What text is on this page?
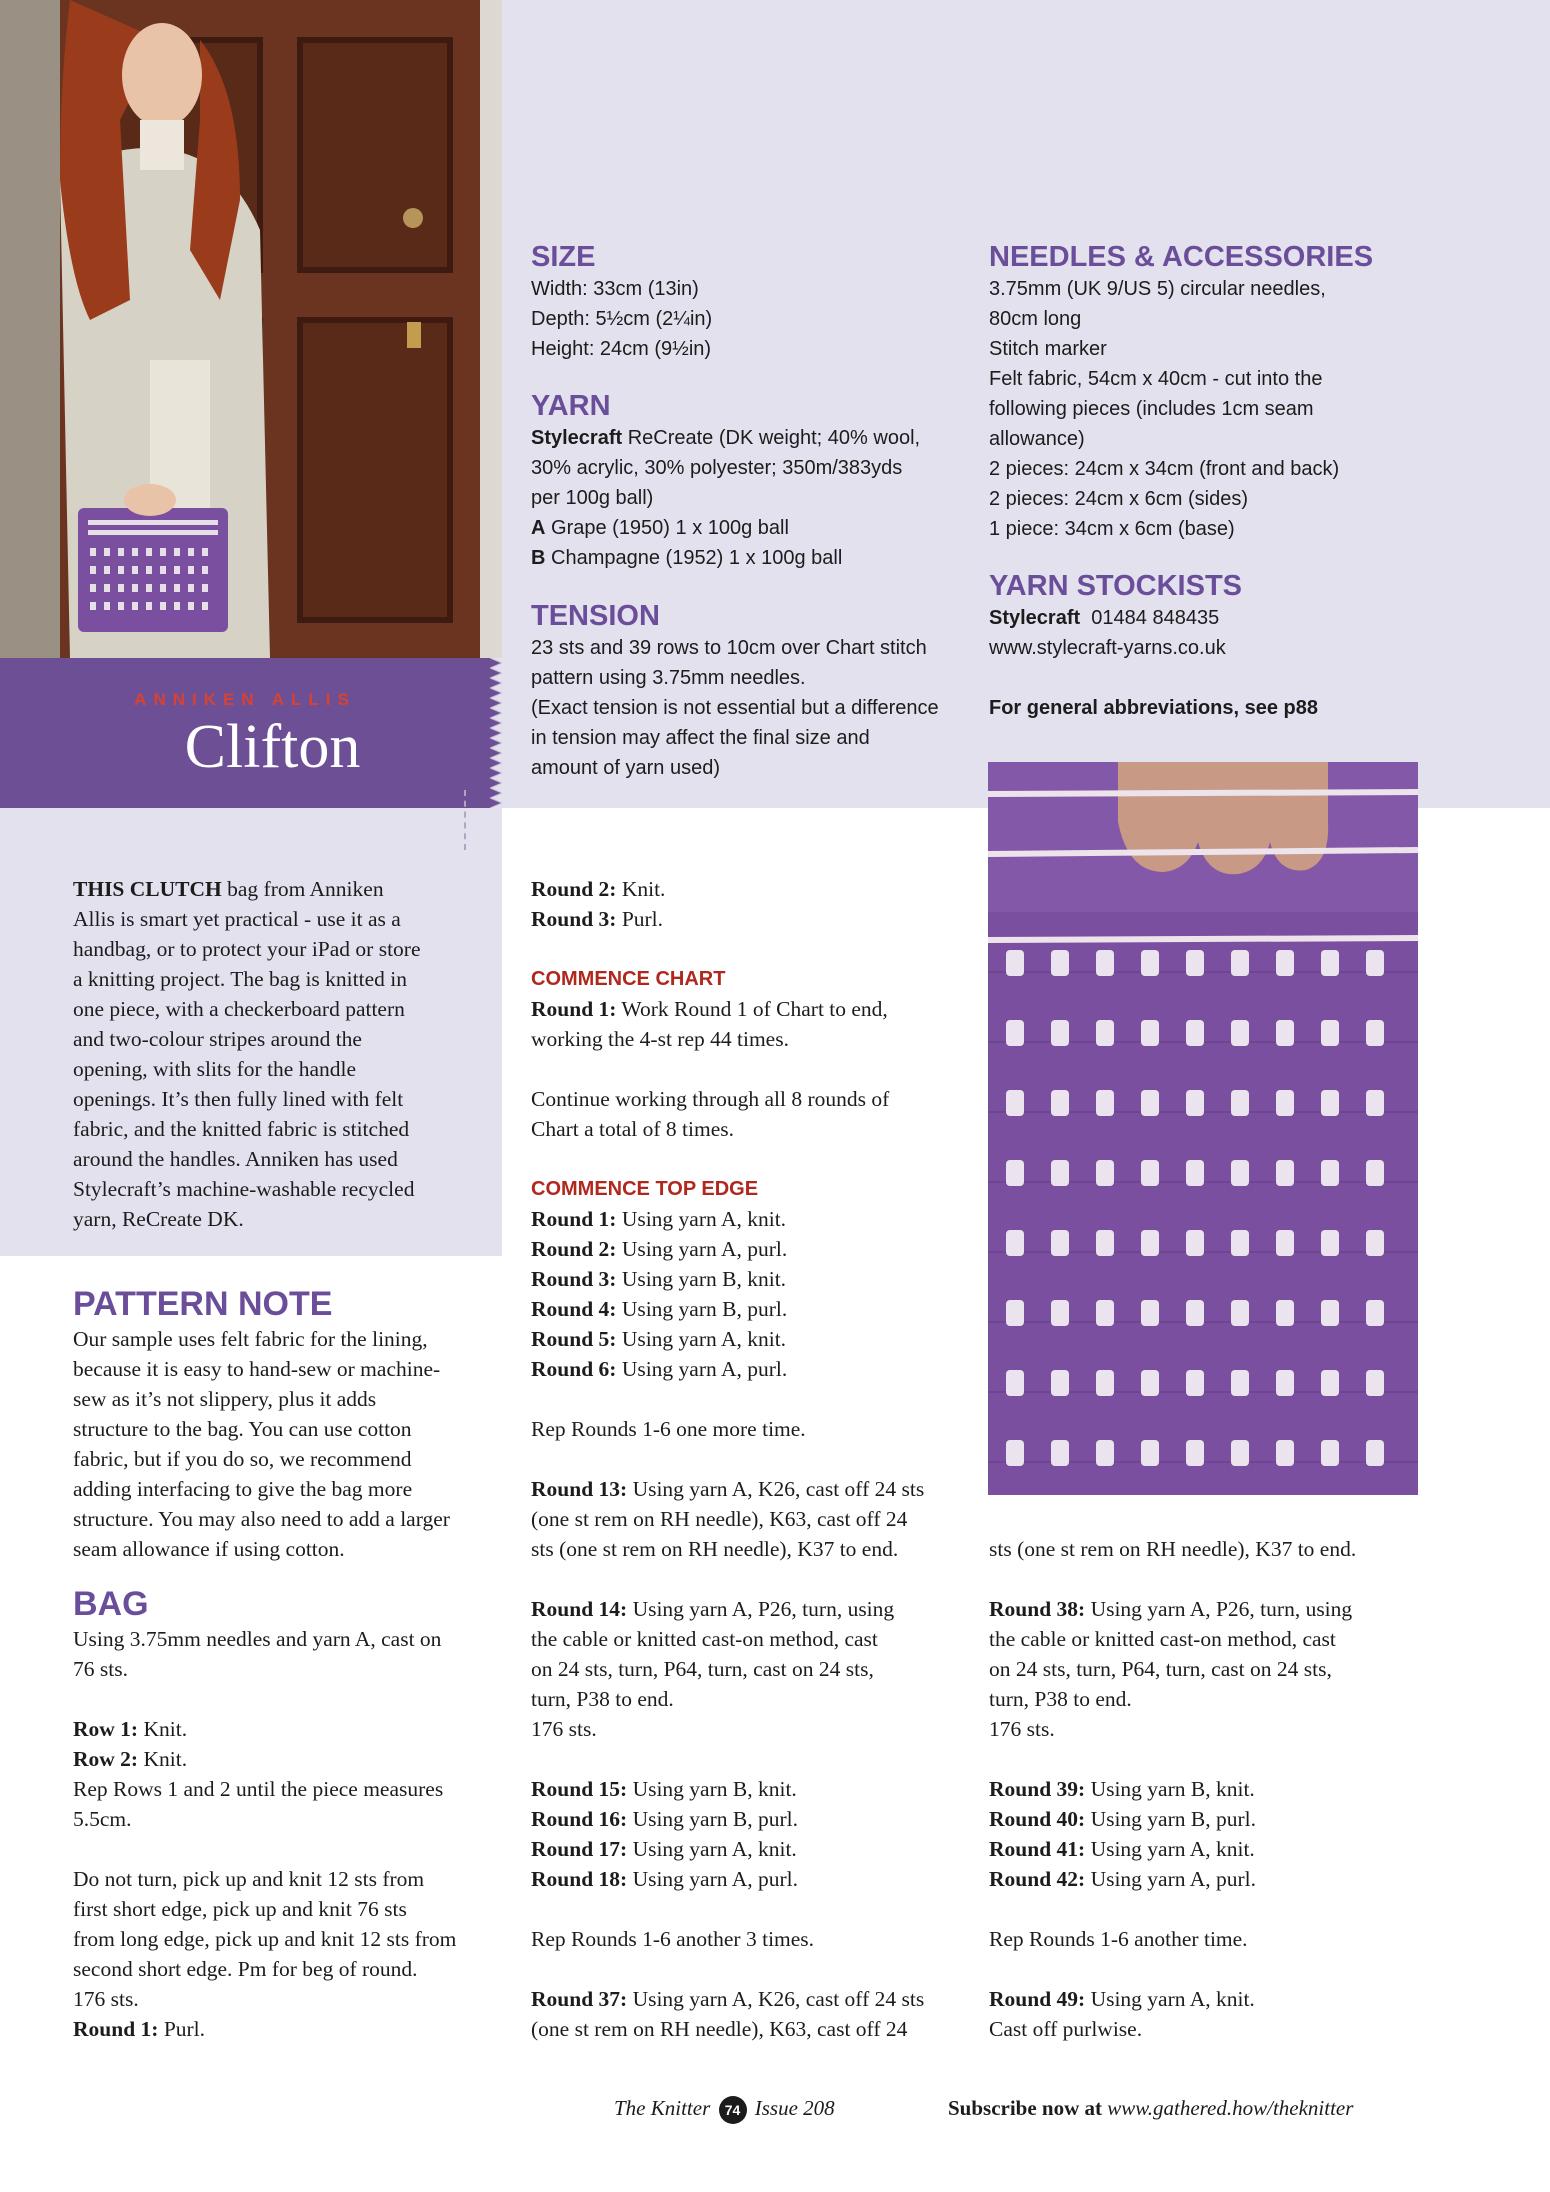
ANNIKEN ALLIS
Clifton
SIZE
Width: 33cm (13in)
Depth: 5½cm (2¼in)
Height: 24cm (9½in)
YARN
Stylecraft ReCreate (DK weight; 40% wool,
30% acrylic, 30% polyester; 350m/383yds
per 100g ball)
A Grape (1950) 1 x 100g ball
B Champagne (1952) 1 x 100g ball
TENSION
23 sts and 39 rows to 10cm over Chart stitch
pattern using 3.75mm needles.
(Exact tension is not essential but a difference
in tension may affect the final size and
amount of yarn used)
NEEDLES & ACCESSORIES
3.75mm (UK 9/US 5) circular needles,
80cm long
Stitch marker
Felt fabric, 54cm x 40cm - cut into the
following pieces (includes 1cm seam
allowance)
2 pieces: 24cm x 34cm (front and back)
2 pieces: 24cm x 6cm (sides)
1 piece: 34cm x 6cm (base)
YARN STOCKISTS
Stylecraft 01484 848435
www.stylecraft-yarns.co.uk
For general abbreviations, see p88
THIS CLUTCH bag from Anniken
Allis is smart yet practical - use it as a
handbag, or to protect your iPad or store
a knitting project. The bag is knitted in
one piece, with a checkerboard pattern
and two-colour stripes around the
opening, with slits for the handle
openings. It’s then fully lined with felt
fabric, and the knitted fabric is stitched
around the handles. Anniken has used
Stylecraft’s machine-washable recycled
yarn, ReCreate DK.
PATTERN NOTE
Our sample uses felt fabric for the lining,
because it is easy to hand-sew or machine-
sew as it’s not slippery, plus it adds
structure to the bag. You can use cotton
fabric, but if you do so, we recommend
adding interfacing to give the bag more
structure. You may also need to add a larger
seam allowance if using cotton.
BAG
Using 3.75mm needles and yarn A, cast on
76 sts.
Row 1: Knit.
Row 2: Knit.
Rep Rows 1 and 2 until the piece measures
5.5cm.
Do not turn, pick up and knit 12 sts from
first short edge, pick up and knit 76 sts
from long edge, pick up and knit 12 sts from
second short edge. Pm for beg of round.
176 sts.
Round 1: Purl.
Round 2: Knit.
Round 3: Purl.
COMMENCE CHART
Round 1: Work Round 1 of Chart to end,
working the 4-st rep 44 times.
Continue working through all 8 rounds of
Chart a total of 8 times.
COMMENCE TOP EDGE
Round 1: Using yarn A, knit.
Round 2: Using yarn A, purl.
Round 3: Using yarn B, knit.
Round 4: Using yarn B, purl.
Round 5: Using yarn A, knit.
Round 6: Using yarn A, purl.
Rep Rounds 1-6 one more time.
Round 13: Using yarn A, K26, cast off 24 sts
(one st rem on RH needle), K63, cast off 24
sts (one st rem on RH needle), K37 to end.
Round 14: Using yarn A, P26, turn, using
the cable or knitted cast-on method, cast
on 24 sts, turn, P64, turn, cast on 24 sts,
turn, P38 to end.
176 sts.
Round 15: Using yarn B, knit.
Round 16: Using yarn B, purl.
Round 17: Using yarn A, knit.
Round 18: Using yarn A, purl.
Rep Rounds 1-6 another 3 times.
Round 37: Using yarn A, K26, cast off 24 sts
(one st rem on RH needle), K63, cast off 24
sts (one st rem on RH needle), K37 to end.
Round 38: Using yarn A, P26, turn, using
the cable or knitted cast-on method, cast
on 24 sts, turn, P64, turn, cast on 24 sts,
turn, P38 to end.
176 sts.
Round 39: Using yarn B, knit.
Round 40: Using yarn B, purl.
Round 41: Using yarn A, knit.
Round 42: Using yarn A, purl.
Rep Rounds 1-6 another time.
Round 49: Using yarn A, knit.
Cast off purlwise.
The Knitter 74 Issue 208	Subscribe now at www.gathered.how/theknitter
